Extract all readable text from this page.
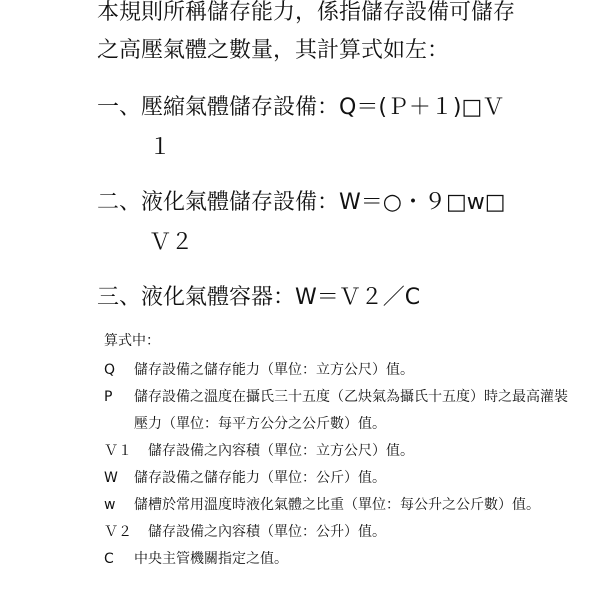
本規則所稱儲存能力，係指儲存設備可儲存
之高壓氣體之數量，其計算式如左：

一、壓縮氣體儲存設備：Q＝(Ｐ＋１)□Ｖ
１

二、液化氣體儲存設備：W＝○・９□w□
Ｖ２

三、液化氣體容器：W＝Ｖ２／C

算式中：
Q	儲存設備之儲存能力（單位：立方公尺）值。
P	儲存設備之溫度在攝氏三十五度（乙炔氣為攝氏十五度）時之最高灌裝壓力（單位：每平方公分之公斤數）值。
Ｖ１	儲存設備之內容積（單位：立方公尺）值。
W	儲存設備之儲存能力（單位：公斤）值。
w	儲槽於常用溫度時液化氣體之比重（單位：每公升之公斤數）值。
Ｖ２	儲存設備之內容積（單位：公升）值。
C	中央主管機關指定之值。
